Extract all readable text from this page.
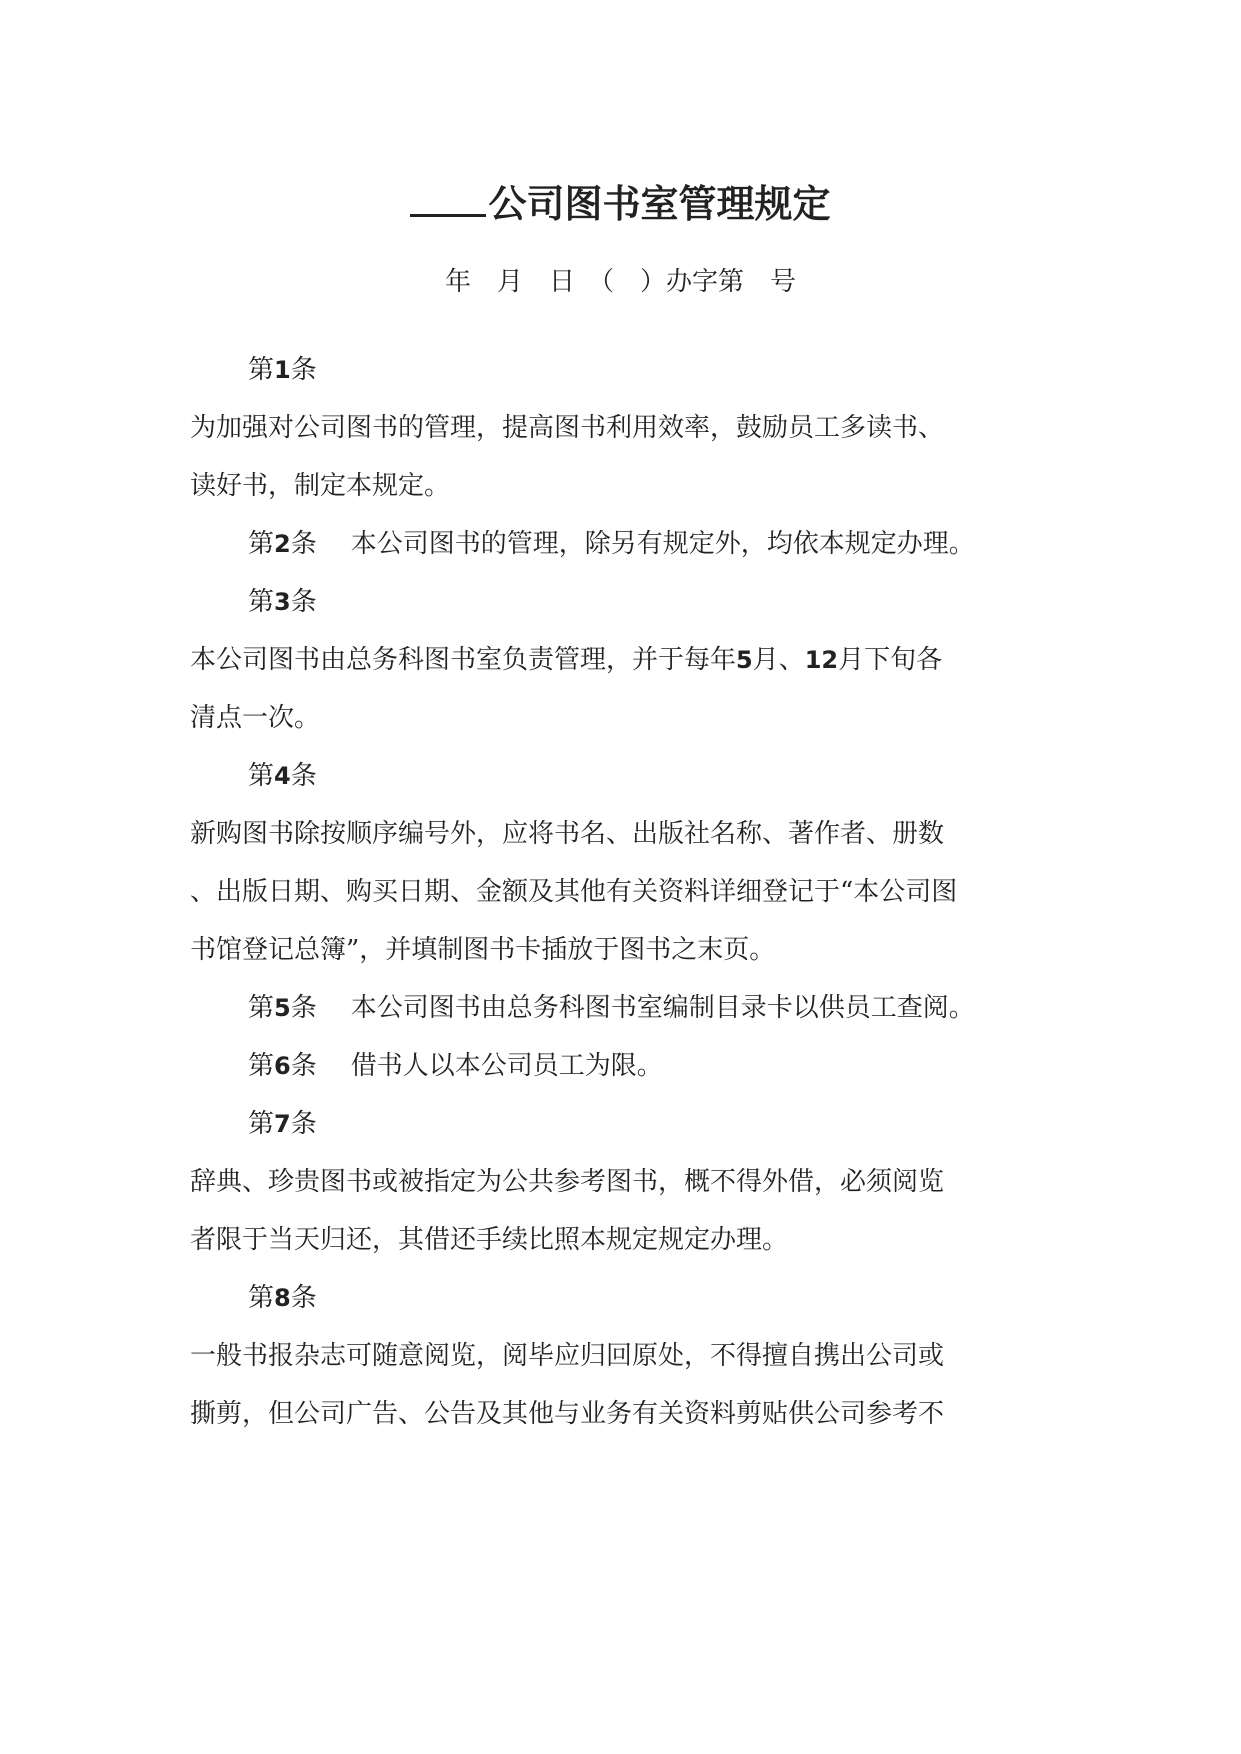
公司图书室管理规定
年　月　日　（　）办字第　号
第1条
为加强对公司图书的管理，提高图书利用效率，鼓励员工多读书、
读好书，制定本规定。
第2条 本公司图书的管理，除另有规定外，均依本规定办理。
第3条
本公司图书由总务科图书室负责管理，并于每年5月、12月下旬各
清点一次。
第4条
新购图书除按顺序编号外，应将书名、出版社名称、著作者、册数
、出版日期、购买日期、金额及其他有关资料详细登记于“本公司图
书馆登记总簿”，并填制图书卡插放于图书之末页。
第5条 本公司图书由总务科图书室编制目录卡以供员工查阅。
第6条 借书人以本公司员工为限。
第7条
辞典、珍贵图书或被指定为公共参考图书，概不得外借，必须阅览
者限于当天归还，其借还手续比照本规定规定办理。
第8条
一般书报杂志可随意阅览，阅毕应归回原处，不得擅自携出公司或
撕剪，但公司广告、公告及其他与业务有关资料剪贴供公司参考不
